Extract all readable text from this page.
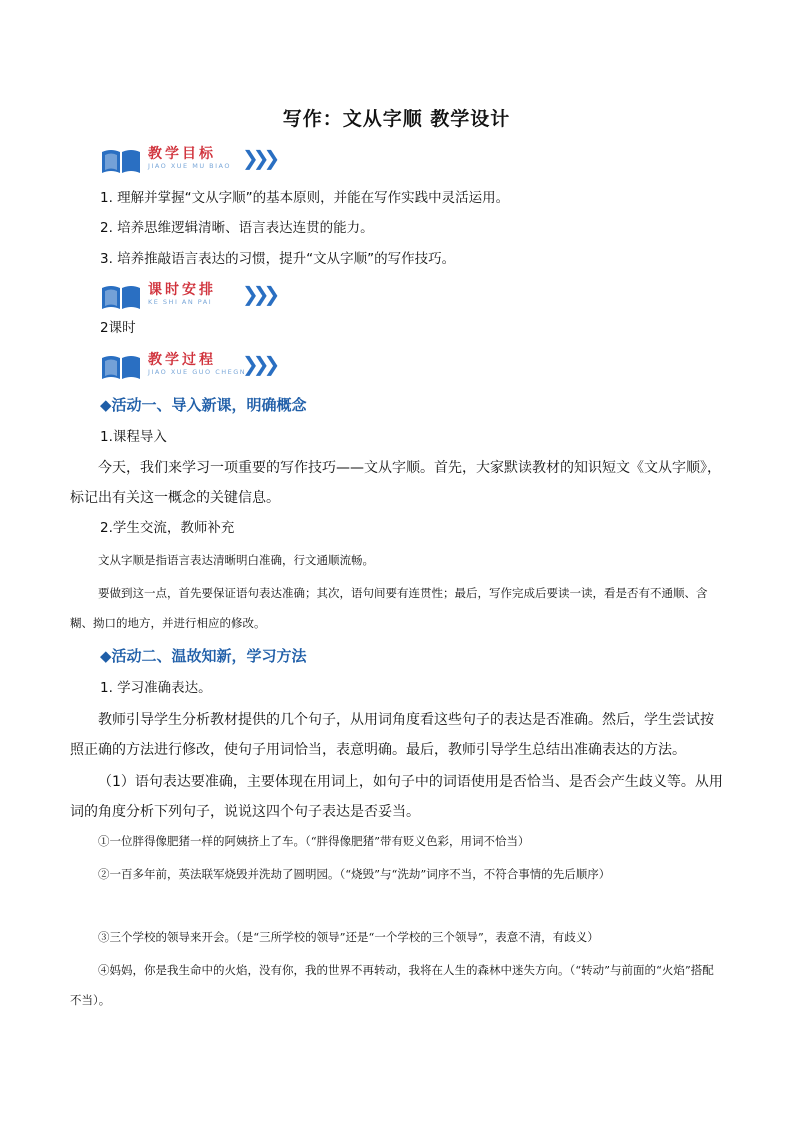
写作：文从字顺 教学设计
教学目标
JIAO XUE MU BIAO ❯❯❯
1. 理解并掌握“文从字顺”的基本原则，并能在写作实践中灵活运用。
2. 培养思维逻辑清晰、语言表达连贯的能力。
3. 培养推敲语言表达的习惯，提升“文从字顺”的写作技巧。
课时安排
KE SHI AN PAI ❯❯❯
2课时
教学过程
JIAO XUE GUO CHEGN
❯❯❯
◆活动一、导入新课，明确概念
1.课程导入
今天，我们来学习一项重要的写作技巧——文从字顺。首先，大家默读教材的知识短文《文从字顺》，标记出有关这一概念的关键信息。
2.学生交流，教师补充
文从字顺是指语言表达清晰明白准确，行文通顺流畅。
要做到这一点，首先要保证语句表达准确；其次，语句间要有连贯性；最后，写作完成后要读一读，看是否有不通顺、含糊、拗口的地方，并进行相应的修改。
◆活动二、温故知新，学习方法
1. 学习准确表达。
教师引导学生分析教材提供的几个句子，从用词角度看这些句子的表达是否准确。然后，学生尝试按照正确的方法进行修改，使句子用词恰当，表意明确。最后，教师引导学生总结出准确表达的方法。
（1）语句表达要准确，主要体现在用词上，如句子中的词语使用是否恰当、是否会产生歧义等。从用词的角度分析下列句子，说说这四个句子表达是否妥当。
①一位胖得像肥猪一样的阿姨挤上了车。（“胖得像肥猪”带有贬义色彩，用词不恰当）
②一百多年前，英法联军烧毁并洗劫了圆明园。（“烧毁”与“洗劫”词序不当，不符合事情的先后顺序）
③三个学校的领导来开会。（是“三所学校的领导”还是“一个学校的三个领导”，表意不清，有歧义）
④妈妈，你是我生命中的火焰，没有你，我的世界不再转动，我将在人生的森林中迷失方向。（“转动”与前面的“火焰”搭配不当）。
